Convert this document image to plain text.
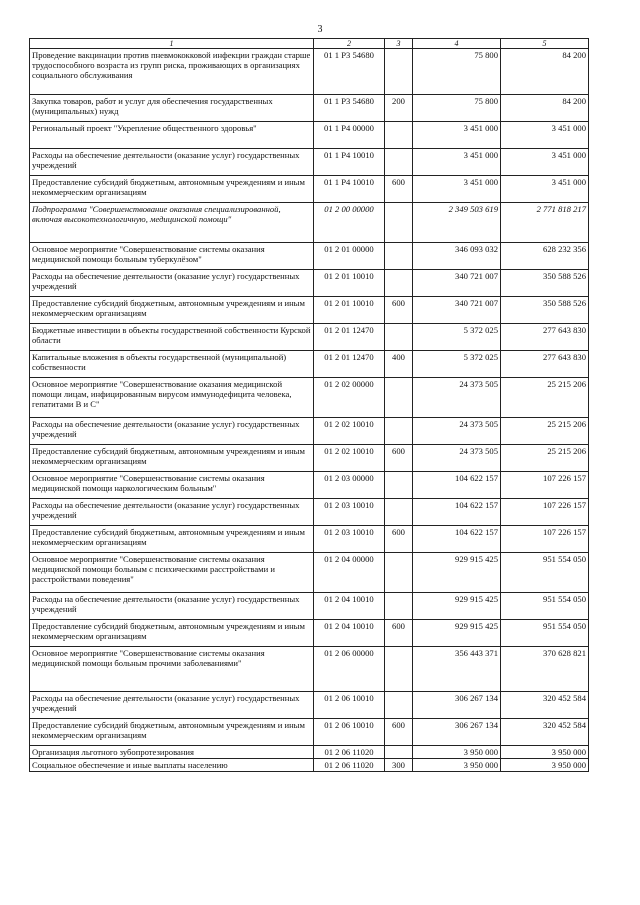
3
1	2	3	4	5
Проведение вакцинации против пневмококковой инфекции граждан старше трудоспособного возраста из групп риска, проживающих в организациях социального обслуживания	01 1 P3 54680		75 800	84 200
Закупка товаров, работ и услуг для обеспечения государственных (муниципальных) нужд	01 1 P3 54680	200	75 800	84 200
Региональный проект "Укрепление общественного здоровья"	01 1 P4 00000		3 451 000	3 451 000
Расходы на обеспечение деятельности (оказание услуг) государственных учреждений	01 1 P4 10010		3 451 000	3 451 000
Предоставление субсидий бюджетным, автономным учреждениям и иным некоммерческим организациям	01 1 P4 10010	600	3 451 000	3 451 000
Подпрограмма "Совершенствование оказания специализированной, включая высокотехнологичную, медицинской помощи"	01 2 00 00000		2 349 503 619	2 771 818 217
Основное мероприятие "Совершенствование системы оказания медицинской помощи больным туберкулёзом"	01 2 01 00000		346 093 032	628 232 356
Расходы на обеспечение деятельности (оказание услуг) государственных учреждений	01 2 01 10010		340 721 007	350 588 526
Предоставление субсидий бюджетным, автономным учреждениям и иным некоммерческим организациям	01 2 01 10010	600	340 721 007	350 588 526
Бюджетные инвестиции в объекты государственной собственности Курской области	01 2 01 12470		5 372 025	277 643 830
Капитальные вложения в объекты государственной (муниципальной) собственности	01 2 01 12470	400	5 372 025	277 643 830
Основное мероприятие "Совершенствование оказания медицинской помощи лицам, инфицированным вирусом иммунодефицита человека, гепатитами В и С"	01 2 02 00000		24 373 505	25 215 206
Расходы на обеспечение деятельности (оказание услуг) государственных учреждений	01 2 02 10010		24 373 505	25 215 206
Предоставление субсидий бюджетным, автономным учреждениям и иным некоммерческим организациям	01 2 02 10010	600	24 373 505	25 215 206
Основное мероприятие "Совершенствование системы оказания медицинской помощи наркологическим больным"	01 2 03 00000		104 622 157	107 226 157
Расходы на обеспечение деятельности (оказание услуг) государственных учреждений	01 2 03 10010		104 622 157	107 226 157
Предоставление субсидий бюджетным, автономным учреждениям и иным некоммерческим организациям	01 2 03 10010	600	104 622 157	107 226 157
Основное мероприятие "Совершенствование системы оказания медицинской помощи больным с психическими расстройствами и расстройствами поведения"	01 2 04 00000		929 915 425	951 554 050
Расходы на обеспечение деятельности (оказание услуг) государственных учреждений	01 2 04 10010		929 915 425	951 554 050
Предоставление субсидий бюджетным, автономным учреждениям и иным некоммерческим организациям	01 2 04 10010	600	929 915 425	951 554 050
Основное мероприятие "Совершенствование системы оказания медицинской помощи больным прочими заболеваниями"	01 2 06 00000		356 443 371	370 628 821
Расходы на обеспечение деятельности (оказание услуг) государственных учреждений	01 2 06 10010		306 267 134	320 452 584
Предоставление субсидий бюджетным, автономным учреждениям и иным некоммерческим организациям	01 2 06 10010	600	306 267 134	320 452 584
Организация льготного зубопротезирования	01 2 06 11020		3 950 000	3 950 000
Социальное обеспечение и иные выплаты населению	01 2 06 11020	300	3 950 000	3 950 000
